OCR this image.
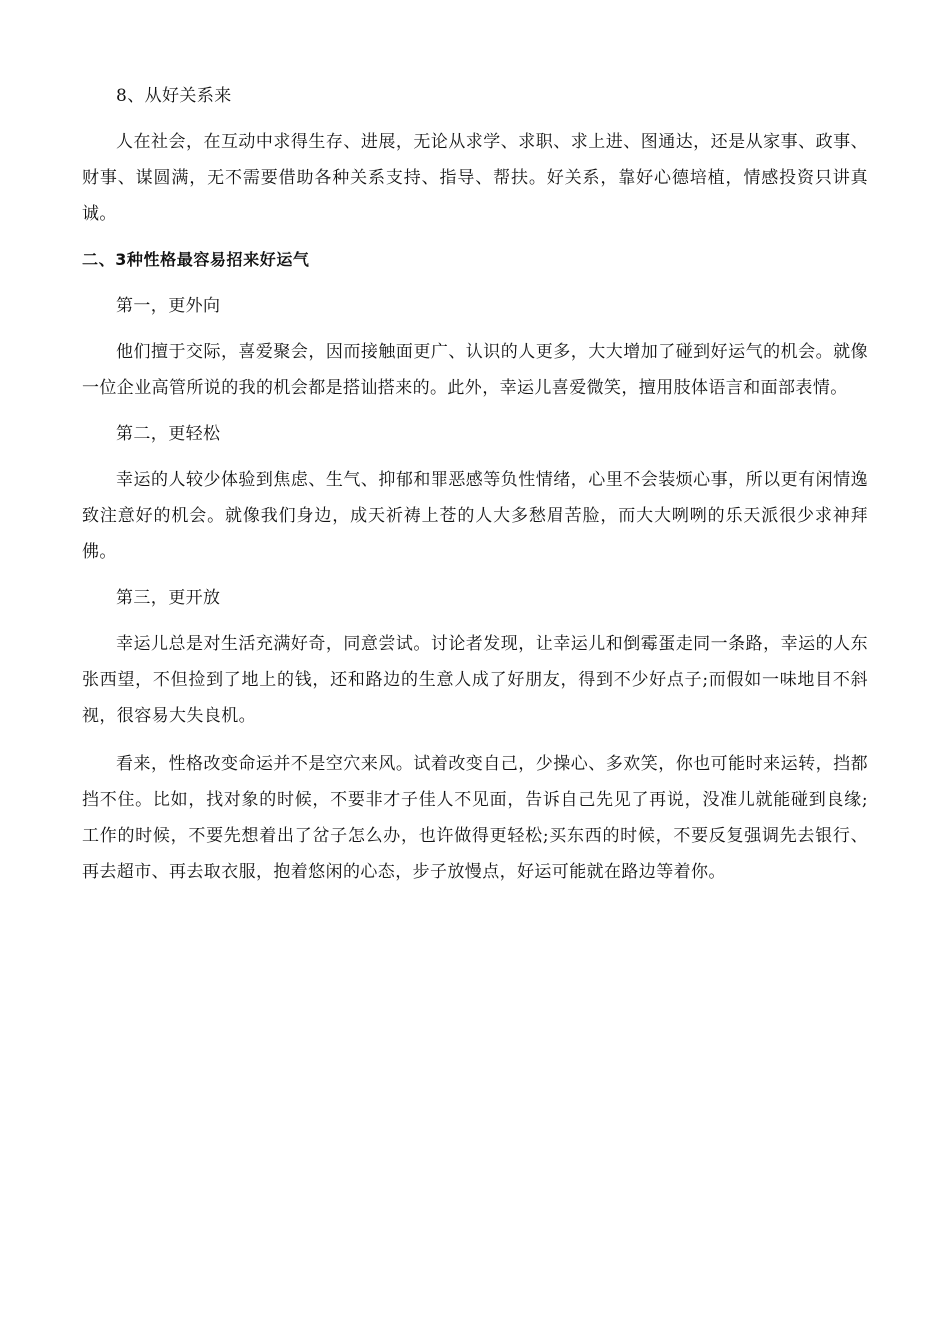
8、从好关系来

人在社会，在互动中求得生存、进展，无论从求学、求职、求上进、图通达，还是从家事、政事、财事、谋圆满，无不需要借助各种关系支持、指导、帮扶。好关系，靠好心德培植，情感投资只讲真诚。

二、3种性格最容易招来好运气

第一，更外向

他们擅于交际，喜爱聚会，因而接触面更广、认识的人更多，大大增加了碰到好运气的机会。就像一位企业高管所说的我的机会都是搭讪搭来的。此外，幸运儿喜爱微笑，擅用肢体语言和面部表情。

第二，更轻松

幸运的人较少体验到焦虑、生气、抑郁和罪恶感等负性情绪，心里不会装烦心事，所以更有闲情逸致注意好的机会。就像我们身边，成天祈祷上苍的人大多愁眉苦脸，而大大咧咧的乐天派很少求神拜佛。

第三，更开放

幸运儿总是对生活充满好奇，同意尝试。讨论者发现，让幸运儿和倒霉蛋走同一条路，幸运的人东张西望，不但捡到了地上的钱，还和路边的生意人成了好朋友，得到不少好点子;而假如一味地目不斜视，很容易大失良机。

看来，性格改变命运并不是空穴来风。试着改变自己，少操心、多欢笑，你也可能时来运转，挡都挡不住。比如，找对象的时候，不要非才子佳人不见面，告诉自己先见了再说，没准儿就能碰到良缘;工作的时候，不要先想着出了岔子怎么办，也许做得更轻松;买东西的时候，不要反复强调先去银行、再去超市、再去取衣服，抱着悠闲的心态，步子放慢点，好运可能就在路边等着你。
